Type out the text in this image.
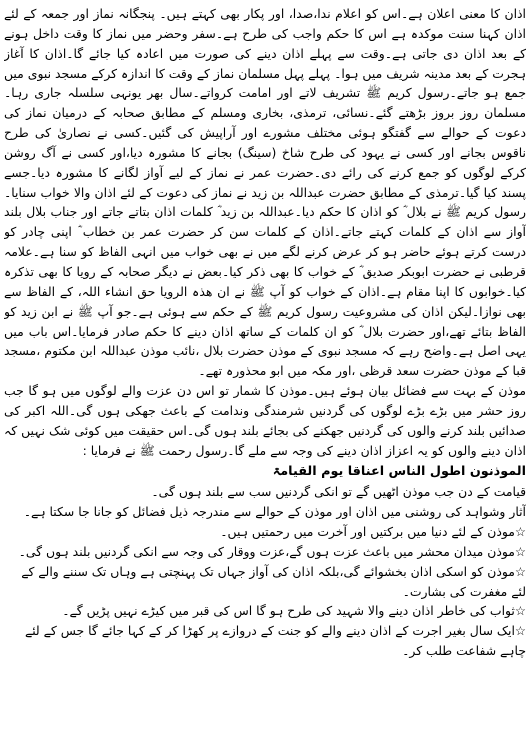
اذان کا معنی اعلان ہے۔اس کو اعلام ندا،صدا، اور پکار بھی کہتے ہیں۔ پنجگانہ نماز اور جمعہ کے لئے اذان کہنا سنت موکدہ ہے اس کا حکم واجب کی طرح ہے۔سفر وحضر میں نماز کا وقت داخل ہونے کے بعد اذان دی جاتی ہے۔وقت سے پہلے اذان دینے کی صورت میں اعادہ کیا جائے گا۔اذان کا آغاز ہجرت کے بعد مدینہ شریف میں ہوا۔ پہلے پہل مسلمان نماز کے وقت کا اندازہ کرکے مسجد نبوی میں جمع ہو جاتے۔رسول کریم ﷺ تشریف لاتے اور امامت کرواتے۔سال بھر یونہی سلسلہ جاری رہا۔مسلمان روز بروز بڑھتے گئے۔نسائی، ترمذی، بخاری ومسلم کے مطابق صحابہ کے درمیان نماز کی دعوت کے حوالے سے گفتگو ہوئی مختلف مشورے اور آراپیش کی گئیں۔کسی نے نصاریٰ کی طرح ناقوس بجانے اور کسی نے یہود کی طرح شاخ (سینگ) بجانے کا مشورہ دیا،اور کسی نے آگ روشن کرکے لوگوں کو جمع کرنے کی رائے دی۔حضرت عمر نے نماز کے لیے آواز لگانے کا مشورہ دیا۔جسے پسند کیا گیا۔ترمذی کے مطابق حضرت عبداللہ بن زید نے نماز کی دعوت کے لئے اذان والا خواب سنایا۔رسول کریم ﷺ نے بلال ؓ کو اذان کا حکم دیا۔عبداللہ بن زید ؓ کلمات اذان بتاتے جاتے اور جناب بلال بلند آواز سے اذان کے کلمات کہتے جاتے۔اذان کے کلمات سن کر حضرت عمر بن خطاب ؓ اپنی چادر کو درست کرتے ہوئے حاضر ہو کر عرض کرنے لگے میں نے بھی خواب میں انہی الفاظ کو سنا ہے۔علامہ قرطبی نے حضرت ابوبکر صدیق ؓ کے خواب کا بھی ذکر کیا۔بعض نے دیگر صحابہ کے رویا کا بھی تذکرہ کیا۔خوابوں کا اپنا مقام ہے۔اذان کے خواب کو آپ ﷺ نے ان ھذہ الرویا حق انشاء اللہ، کے الفاظ سے بھی نوازا۔لیکن اذان کی مشروعیت رسول کریم ﷺ کے حکم سے ہوئی ہے۔جو آپ ﷺ نے ابن زید کو الفاظ بتائے تھے،اور حضرت بلال ؓ کو ان کلمات کے ساتھ اذان دینے کا حکم صادر فرمایا۔اس باب میں یہی اصل ہے۔واضح رہے کہ مسجد نبوی کے موذن حضرت بلال ،نائب موذن عبداللہ ابن مکتوم ،مسجد قبا کے موذن حضرت سعد قرظی ،اور مکہ میں ابو محذورہ تھے۔

موذن کے بہت سے فضائل بیان ہوئے ہیں۔موذن کا شمار تو اس دن عزت والے لوگوں میں ہو گا جب روز حشر میں بڑے بڑے لوگوں کی گردنیں شرمندگی وندامت کے باعث جھکی ہوں گی۔اللہ اکبر کی صدائیں بلند کرنے والوں کی گردنیں جھکنے کی بجائے بلند ہوں گی۔اس حقیقت میں کوئی شک نہیں کہ اذان دینے والوں کو یہ اعزاز اذان دینے کی وجہ سے ملے گا۔رسول رحمت ﷺ نے فرمایا :

الموذنون اطول الناس اعناقا یوم القیامۃ

قیامت کے دن جب موذن اٹھیں گے تو انکی گردنیں سب سے بلند ہوں گی۔

آثار وشواہد کی روشنی میں اذان اور موذن کے حوالے سے مندرجہ ذیل فضائل کو جانا جا سکتا ہے۔

☆موذن کے لئے دنیا میں برکتیں اور آخرت میں رحمتیں ہیں۔
☆موذن میدان محشر میں باعث عزت ہوں گے،عزت ووقار کی وجہ سے انکی گردنیں بلند ہوں گی۔
☆موذن کو اسکی اذان بخشوائے گی،بلکہ اذان کی آواز جہاں تک پہنچتی ہے وہاں تک سننے والے کے لئے مغفرت کی بشارت۔
☆ثواب کی خاطر اذان دینے والا شہید کی طرح ہو گا اس کی قبر میں کیڑے نہیں پڑیں گے۔
☆ایک سال بغیر اجرت کے اذان دینے والے کو جنت کے دروازے پر کھڑا کر کے کہا جائے گا جس کے لئے چاہے شفاعت طلب کر۔
